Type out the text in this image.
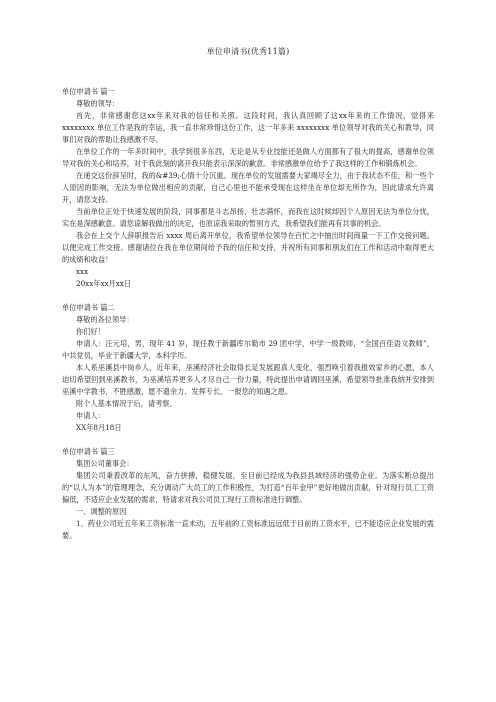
单位申请书(优秀11篇)
单位申请书 篇一
尊敬的领导：

首先，非常感谢您这xx年来对我的信任和关照。这段时间，我认真回顾了这xx年来的工作情况，觉得来 xxxxxxxx 单位工作是我的幸运，我一直非常珍惜这份工作，这一年多来 xxxxxxxx 单位领导对我的关心和教导，同事们对我的帮助让我感激不尽。

在单位工作的一年多时间中，我学到很多东西，无论是从专业技能还是做人方面都有了很大的提高，感谢单位领导对我的关心和培养，对于我此刻的离开我只能表示深深的歉意。非常感激单位给予了我这样的工作和锻炼机会。

在递交这份辞呈时，我的&#39;心情十分沉重。现在单位的发展需要大家竭尽全力，由于我状态不佳，和一些个人原因的影响，无法为单位做出相应的贡献，自己心里也不能承受现在这样坐在单位却无所作为，因此请求允许离开，请您支持。

当前单位正处于快速发展的阶段，同事都是斗志昂扬，壮志满怀，而我在这时候却因个人原因无法为单位分忧，实在是深感歉意。请您谅解我做出的决定，也原谅我采取的暂别方式，我希望我们能再有共事的机会。

我会在上交个人辞职报告后 xxxx 周后离开单位，我希望单位领导在百忙之中抽出时间商量一下工作交接问题。以便完成工作交接。感谢诸位在我在单位期间给予我的信任和支持，并祝所有同事和朋友们在工作和活动中取得更大的成绩和收益！

xxx
20xx年xx月xx日
单位申请书 篇二
尊敬的各位领导：
你们好！

申请人：汪元培，男，现年 41 岁，现任教于新疆库尔勒市 29 团中学，中学一级教师，“全国百佳语文教师”，中共党员，毕业于新疆大学，本科学历。

本人系巫溪县中岗乡人，近年来，巫溪经济社会取得长足发展跟真人变化，强烈唤引着我报效家乡的心愿，本人迫切希望回到巫溪教书，为巫溪培养更多人才尽自己一份力量，特此提出申请调回巫溪，希望领导批准我纳并安排到巫溪中学教书，不胜感激，愿不遗余力、发挥专长、一报您的知遇之恩。

附个人基本情况于后，请考察。

申请人：
XX年8月18日
单位申请书 篇三
集团公司董事会：

集团公司秉着改革的东风，奋力拼搏，稳健发展，至目前已经成为我县县域经济的强势企业。为落实断总提出的“以人为本”的管理理念，充分调动广大员工的工作积极性，为打造“百年金甲”更好地做出贡献，针对现行员工工资偏低，不适应企业发展的需求，特请求对我公司员工现行工资标准进行调整。

一、调整的原因

1、药业公司近五年来工资标准一直未动，五年前的工资标准远远低于目前的工资水平，已不能适应企业发展的需要。
